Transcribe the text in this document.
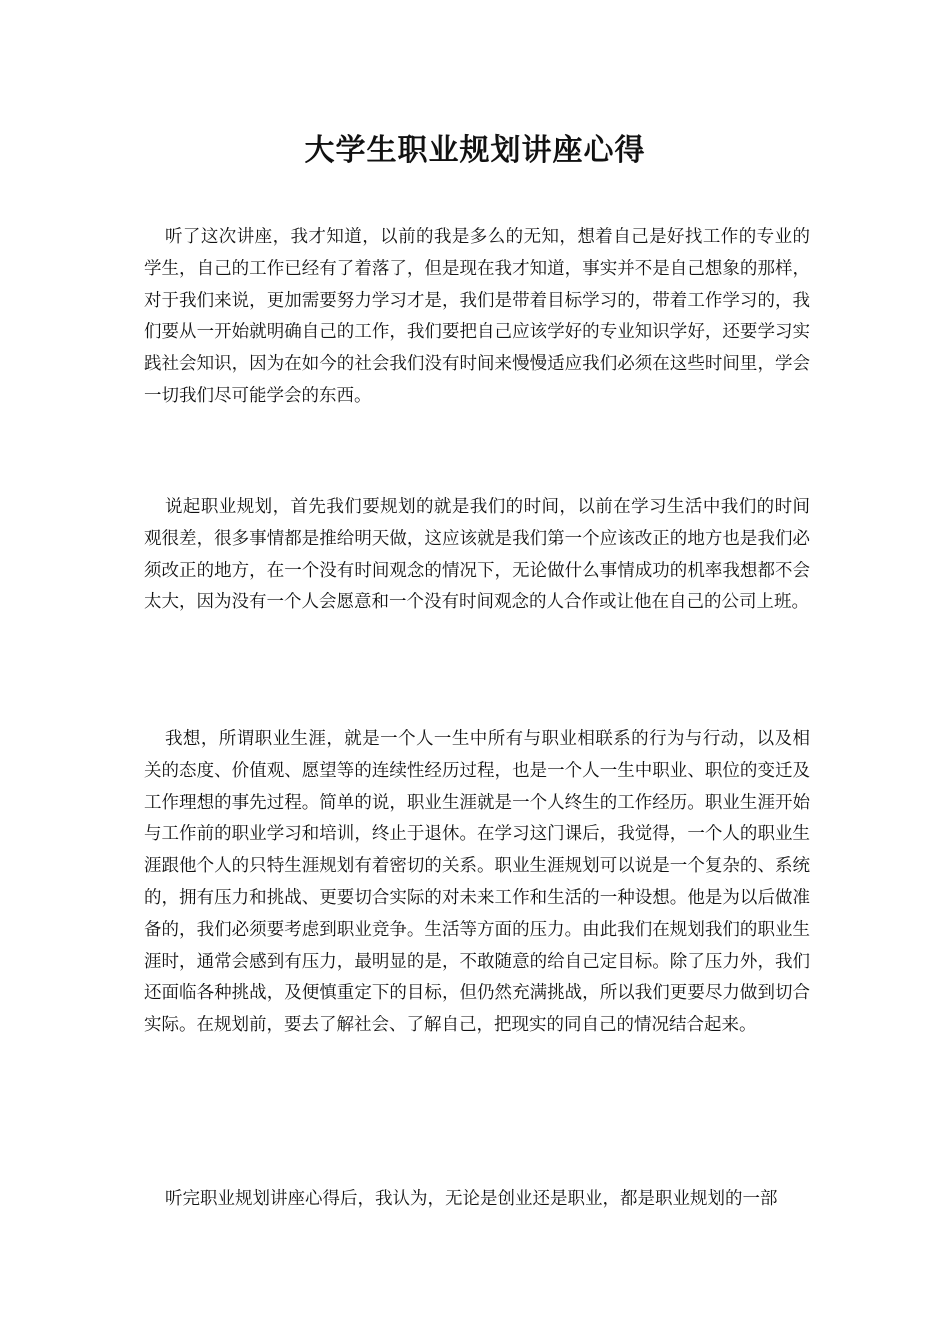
大学生职业规划讲座心得

听了这次讲座，我才知道，以前的我是多么的无知，想着自己是好找工作的专业的学生，自己的工作已经有了着落了，但是现在我才知道，事实并不是自己想象的那样，对于我们来说，更加需要努力学习才是，我们是带着目标学习的，带着工作学习的，我们要从一开始就明确自己的工作，我们要把自己应该学好的专业知识学好，还要学习实践社会知识，因为在如今的社会我们没有时间来慢慢适应我们必须在这些时间里，学会一切我们尽可能学会的东西。

说起职业规划，首先我们要规划的就是我们的时间，以前在学习生活中我们的时间观很差，很多事情都是推给明天做，这应该就是我们第一个应该改正的地方也是我们必须改正的地方，在一个没有时间观念的情况下，无论做什么事情成功的机率我想都不会太大，因为没有一个人会愿意和一个没有时间观念的人合作或让他在自己的公司上班。

我想，所谓职业生涯，就是一个人一生中所有与职业相联系的行为与行动，以及相关的态度、价值观、愿望等的连续性经历过程，也是一个人一生中职业、职位的变迁及工作理想的事先过程。简单的说，职业生涯就是一个人终生的工作经历。职业生涯开始与工作前的职业学习和培训，终止于退休。在学习这门课后，我觉得，一个人的职业生涯跟他个人的只特生涯规划有着密切的关系。职业生涯规划可以说是一个复杂的、系统的，拥有压力和挑战、更要切合实际的对未来工作和生活的一种设想。他是为以后做准备的，我们必须要考虑到职业竞争。生活等方面的压力。由此我们在规划我们的职业生涯时，通常会感到有压力，最明显的是，不敢随意的给自己定目标。除了压力外，我们还面临各种挑战，及便慎重定下的目标，但仍然充满挑战，所以我们更要尽力做到切合实际。在规划前，要去了解社会、了解自己，把现实的同自己的情况结合起来。

听完职业规划讲座心得后，我认为，无论是创业还是职业，都是职业规划的一部
